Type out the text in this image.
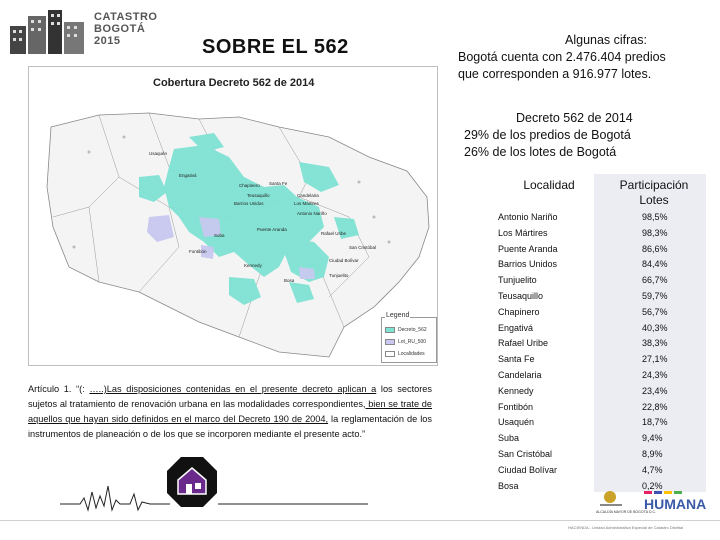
CATASTRO
BOGOTÁ
2015	SOBRE EL 562
Cobertura Decreto 562 de 2014
Usaquén
Engativá
Chapinero Santa Fe
Teusaquillo
Barrios Unidos
Puente Aranda
Los Mártires
Antonio Nariño
Rafael Uribe
Kennedy
Fontibón
Ciudad Bolívar
Suba
Bosa
Tunjuelito
San Cristóbal
Candelaria
Legend
Decreto_562
Lot_RU_500
Localidades
Algunas cifras:
Bogotá cuenta con 2.476.404 predios
que corresponden a 916.977 lotes.
Decreto 562 de 2014
29% de los predios de Bogotá
26% de los lotes de Bogotá
Localidad	Participación
Lotes
Antonio Nariño	98,5%
Los Mártires	98,3%
Puente Aranda	86,6%
Barrios Unidos	84,4%
Tunjuelito	66,7%
Teusaquillo	59,7%
Chapinero	56,7%
Engativá	40,3%
Rafael Uribe	38,3%
Santa Fe	27,1%
Candelaria	24,3%
Kennedy	23,4%
Fontibón	22,8%
Usaquén	18,7%
Suba	9,4%
San Cristóbal	8,9%
Ciudad Bolívar	4,7%
Bosa	0,2%
Artículo 1. “(: …..)Las disposiciones contenidas en el presente decreto aplican a los sectores sujetos al tratamiento de renovación urbana en las modalidades correspondientes, bien se trate de aquellos que hayan sido definidos en el marco del Decreto 190 de 2004, la reglamentación de los instrumentos de planeación o de los que se incorporen mediante el presente acto.”
ALCALDÍA MAYOR DE BOGOTÁ D.C.
HUMANA
HACIENDA - Unidad Administrativa Especial de Catastro Distrital
